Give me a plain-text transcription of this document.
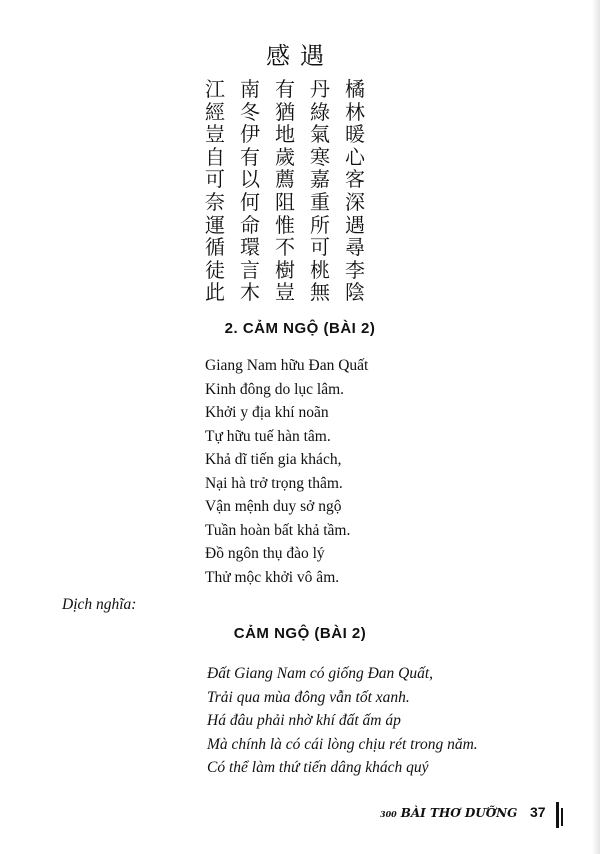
感遇
江 南 有 丹 橘
經 冬 猶 綠 林
豈 伊 地 氣 暖
自 有 歲 寒 心
可 以 薦 嘉 客
奈 何 阻 重 深
運 命 惟 所 遇
循 環 不 可 尋
徒 言 樹 桃 李
此 木 豈 無 陰
2. CẢM NGỘ (BÀI 2)
Giang Nam hữu Đan Quất
Kinh đông do lục lâm.
Khởi y địa khí noãn
Tự hữu tuế hàn tâm.
Khả dĩ tiến gia khách,
Nại hà trở trọng thâm.
Vận mệnh duy sở ngộ
Tuần hoàn bất khả tầm.
Đồ ngôn thụ đào lý
Thử mộc khởi vô âm.
Dịch nghĩa:
CẢM NGỘ (BÀI 2)
Đất Giang Nam có giống Đan Quất,
Trải qua mùa đông vẫn tốt xanh.
Há đâu phải nhờ khí đất ấm áp
Mà chính là có cái lòng chịu rét trong năm.
Có thể làm thứ tiến dâng khách quý
300 BÀI THƠ DƯỠNG 37
